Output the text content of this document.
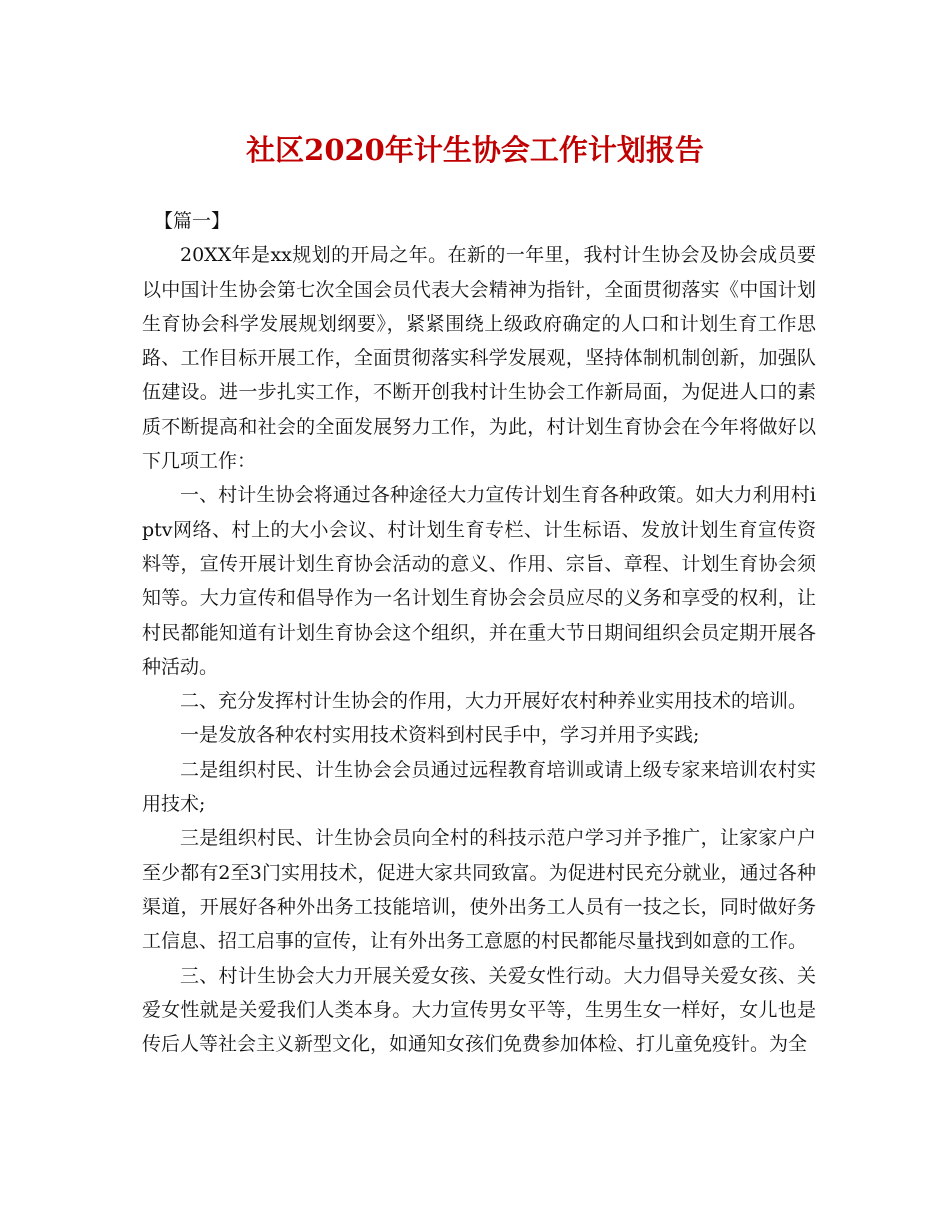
社区2020年计生协会工作计划报告

【篇一】

20XX年是xx规划的开局之年。在新的一年里，我村计生协会及协会成员要以中国计生协会第七次全国会员代表大会精神为指针，全面贯彻落实《中国计划生育协会科学发展规划纲要》，紧紧围绕上级政府确定的人口和计划生育工作思路、工作目标开展工作，全面贯彻落实科学发展观，坚持体制机制创新，加强队伍建设。进一步扎实工作，不断开创我村计生协会工作新局面，为促进人口的素质不断提高和社会的全面发展努力工作，为此，村计划生育协会在今年将做好以下几项工作：

一、村计生协会将通过各种途径大力宣传计划生育各种政策。如大力利用村iptv网络、村上的大小会议、村计划生育专栏、计生标语、发放计划生育宣传资料等，宣传开展计划生育协会活动的意义、作用、宗旨、章程、计划生育协会须知等。大力宣传和倡导作为一名计划生育协会会员应尽的义务和享受的权利，让村民都能知道有计划生育协会这个组织，并在重大节日期间组织会员定期开展各种活动。

二、充分发挥村计生协会的作用，大力开展好农村种养业实用技术的培训。

一是发放各种农村实用技术资料到村民手中，学习并用予实践;

二是组织村民、计生协会会员通过远程教育培训或请上级专家来培训农村实用技术;

三是组织村民、计生协会员向全村的科技示范户学习并予推广，让家家户户至少都有2至3门实用技术，促进大家共同致富。为促进村民充分就业，通过各种渠道，开展好各种外出务工技能培训，使外出务工人员有一技之长，同时做好务工信息、招工启事的宣传，让有外出务工意愿的村民都能尽量找到如意的工作。

三、村计生协会大力开展关爱女孩、关爱女性行动。大力倡导关爱女孩、关爱女性就是关爱我们人类本身。大力宣传男女平等，生男生女一样好，女儿也是传后人等社会主义新型文化，如通知女孩们免费参加体检、打儿童免疫针。为全
